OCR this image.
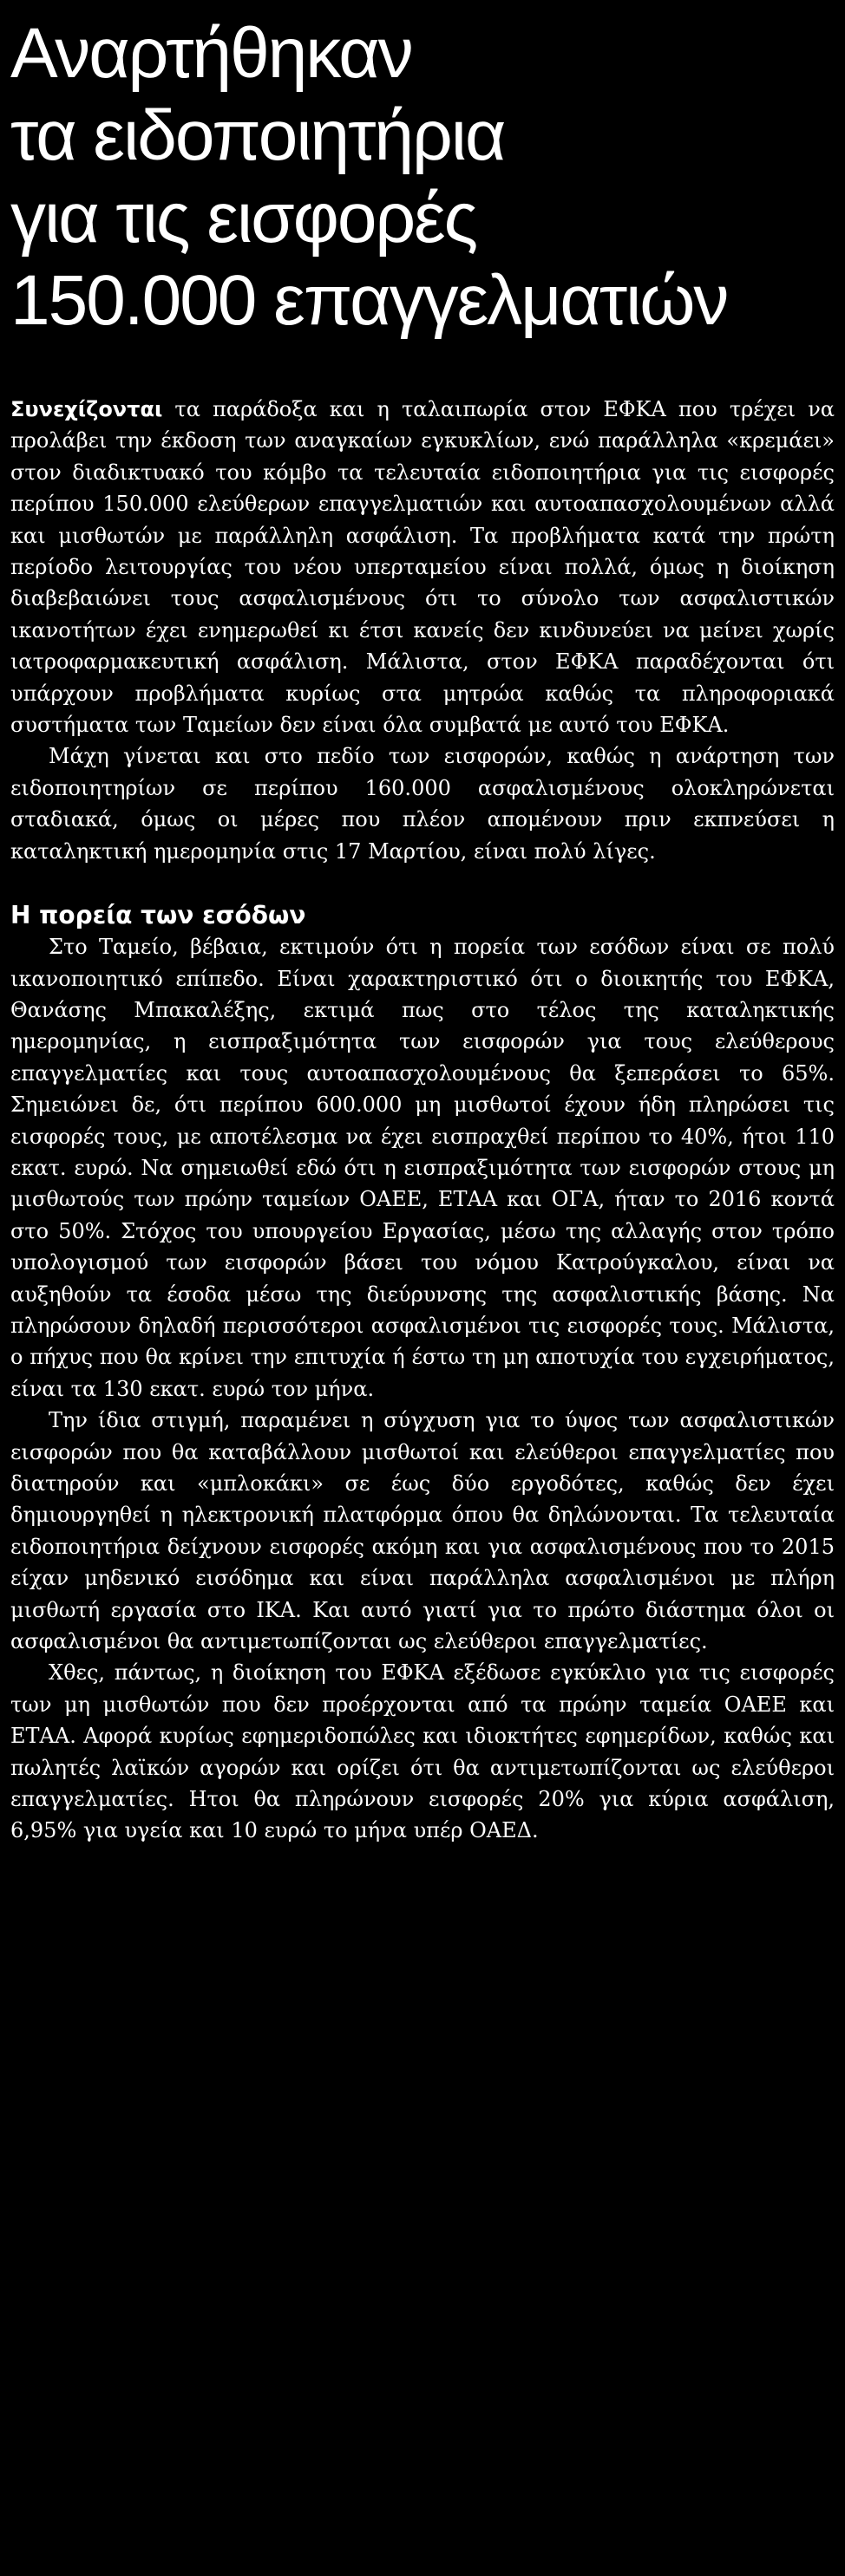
Αναρτήθηκαν
τα ειδοποιητήρια
για τις εισφορές
150.000 επαγγελματιών

Συνεχίζονται τα παράδοξα και η ταλαιπωρία στον ΕΦΚΑ που τρέχει να προλάβει την έκδοση των αναγκαίων εγκυκλίων, ενώ παράλληλα «κρεμάει» στον διαδικτυακό του κόμβο τα τελευταία ειδοποιητήρια για τις εισφορές περίπου 150.000 ελεύθερων επαγγελματιών και αυτοαπασχολουμένων αλλά και μισθωτών με παράλληλη ασφάλιση. Τα προβλήματα κατά την πρώτη περίοδο λειτουργίας του νέου υπερταμείου είναι πολλά, όμως η διοίκηση διαβεβαιώνει τους ασφαλισμένους ότι το σύνολο των ασφαλιστικών ικανοτήτων έχει ενημερωθεί κι έτσι κανείς δεν κινδυνεύει να μείνει χωρίς ιατροφαρμακευτική ασφάλιση. Μάλιστα, στον ΕΦΚΑ παραδέχονται ότι υπάρχουν προβλήματα κυρίως στα μητρώα καθώς τα πληροφοριακά συστήματα των Ταμείων δεν είναι όλα συμβατά με αυτό του ΕΦΚΑ.

Μάχη γίνεται και στο πεδίο των εισφορών, καθώς η ανάρτηση των ειδοποιητηρίων σε περίπου 160.000 ασφαλισμένους ολοκληρώνεται σταδιακά, όμως οι μέρες που πλέον απομένουν πριν εκπνεύσει η καταληκτική ημερομηνία στις 17 Μαρτίου, είναι πολύ λίγες.

Η πορεία των εσόδων

Στο Ταμείο, βέβαια, εκτιμούν ότι η πορεία των εσόδων είναι σε πολύ ικανοποιητικό επίπεδο. Είναι χαρακτηριστικό ότι ο διοικητής του ΕΦΚΑ, Θανάσης Μπακαλέξης, εκτιμά πως στο τέλος της καταληκτικής ημερομηνίας, η εισπραξιμότητα των εισφορών για τους ελεύθερους επαγγελματίες και τους αυτοαπασχολουμένους θα ξεπεράσει το 65%. Σημειώνει δε, ότι περίπου 600.000 μη μισθωτοί έχουν ήδη πληρώσει τις εισφορές τους, με αποτέλεσμα να έχει εισπραχθεί περίπου το 40%, ήτοι 110 εκατ. ευρώ. Να σημειωθεί εδώ ότι η εισπραξιμότητα των εισφορών στους μη μισθωτούς των πρώην ταμείων ΟΑΕΕ, ΕΤΑΑ και ΟΓΑ, ήταν το 2016 κοντά στο 50%. Στόχος του υπουργείου Εργασίας, μέσω της αλλαγής στον τρόπο υπολογισμού των εισφορών βάσει του νόμου Κατρούγκαλου, είναι να αυξηθούν τα έσοδα μέσω της διεύρυνσης της ασφαλιστικής βάσης. Να πληρώσουν δηλαδή περισσότεροι ασφαλισμένοι τις εισφορές τους. Μάλιστα, ο πήχυς που θα κρίνει την επιτυχία ή έστω τη μη αποτυχία του εγχειρήματος, είναι τα 130 εκατ. ευρώ τον μήνα.

Την ίδια στιγμή, παραμένει η σύγχυση για το ύψος των ασφαλιστικών εισφορών που θα καταβάλλουν μισθωτοί και ελεύθεροι επαγγελματίες που διατηρούν και «μπλοκάκι» σε έως δύο εργοδότες, καθώς δεν έχει δημιουργηθεί η ηλεκτρονική πλατφόρμα όπου θα δηλώνονται. Τα τελευταία ειδοποιητήρια δείχνουν εισφορές ακόμη και για ασφαλισμένους που το 2015 είχαν μηδενικό εισόδημα και είναι παράλληλα ασφαλισμένοι με πλήρη μισθωτή εργασία στο ΙΚΑ. Και αυτό γιατί για το πρώτο διάστημα όλοι οι ασφαλισμένοι θα αντιμετωπίζονται ως ελεύθεροι επαγγελματίες.

Χθες, πάντως, η διοίκηση του ΕΦΚΑ εξέδωσε εγκύκλιο για τις εισφορές των μη μισθωτών που δεν προέρχονται από τα πρώην ταμεία ΟΑΕΕ και ΕΤΑΑ. Αφορά κυρίως εφημεριδοπώλες και ιδιοκτήτες εφημερίδων, καθώς και πωλητές λαϊκών αγορών και ορίζει ότι θα αντιμετωπίζονται ως ελεύθεροι επαγγελματίες. Ητοι θα πληρώνουν εισφορές 20% για κύρια ασφάλιση, 6,95% για υγεία και 10 ευρώ το μήνα υπέρ ΟΑΕΔ.
